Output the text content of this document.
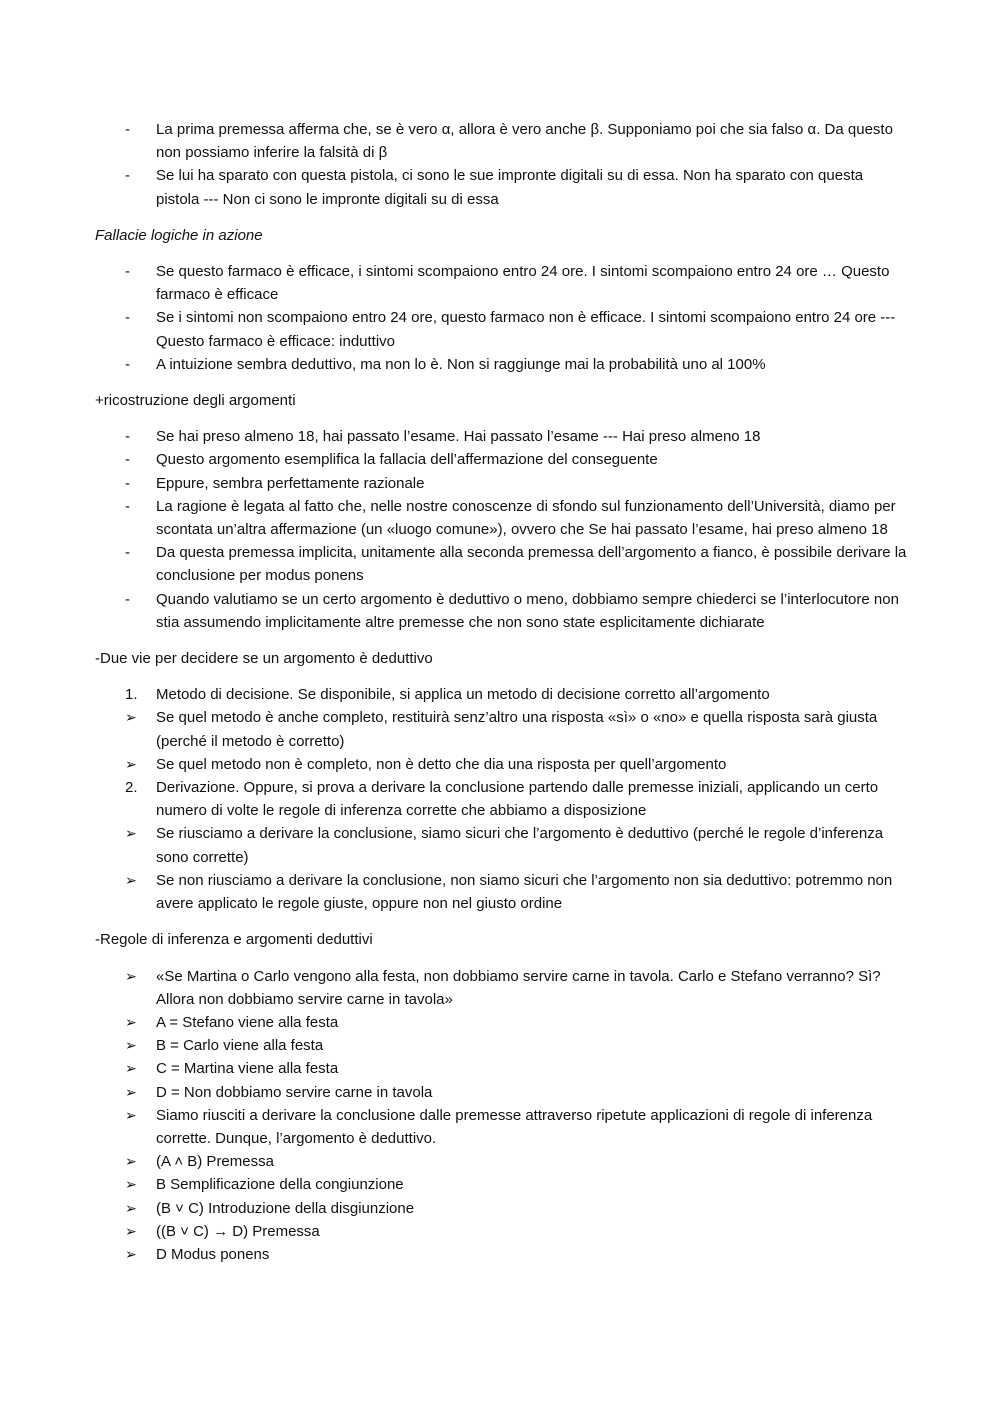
-	La prima premessa afferma che, se è vero α, allora è vero anche β. Supponiamo poi che sia falso α. Da questo non possiamo inferire la falsità di β
-	Se lui ha sparato con questa pistola, ci sono le sue impronte digitali su di essa. Non ha sparato con questa pistola --- Non ci sono le impronte digitali su di essa

Fallacie logiche in azione

-	Se questo farmaco è efficace, i sintomi scompaiono entro 24 ore. I sintomi scompaiono entro 24 ore … Questo farmaco è efficace
-	Se i sintomi non scompaiono entro 24 ore, questo farmaco non è efficace. I sintomi scompaiono entro 24 ore --- Questo farmaco è efficace: induttivo
-	A intuizione sembra deduttivo, ma non lo è. Non si raggiunge mai la probabilità uno al 100%

+ricostruzione degli argomenti

-	Se hai preso almeno 18, hai passato l’esame. Hai passato l’esame --- Hai preso almeno 18
-	Questo argomento esemplifica la fallacia dell’affermazione del conseguente
-	Eppure, sembra perfettamente razionale
-	La ragione è legata al fatto che, nelle nostre conoscenze di sfondo sul funzionamento dell’Università, diamo per scontata un’altra affermazione (un «luogo comune»), ovvero che Se hai passato l’esame, hai preso almeno 18
-	Da questa premessa implicita, unitamente alla seconda premessa dell’argomento a fianco, è possibile derivare la conclusione per modus ponens
-	Quando valutiamo se un certo argomento è deduttivo o meno, dobbiamo sempre chiederci se l’interlocutore non stia assumendo implicitamente altre premesse che non sono state esplicitamente dichiarate

-Due vie per decidere se un argomento è deduttivo

1.	Metodo di decisione. Se disponibile, si applica un metodo di decisione corretto all’argomento
➢	Se quel metodo è anche completo, restituirà senz’altro una risposta «sì» o «no» e quella risposta sarà giusta (perché il metodo è corretto)
➢	Se quel metodo non è completo, non è detto che dia una risposta per quell’argomento
2.	Derivazione. Oppure, si prova a derivare la conclusione partendo dalle premesse iniziali, applicando un certo numero di volte le regole di inferenza corrette che abbiamo a disposizione
➢	Se riusciamo a derivare la conclusione, siamo sicuri che l’argomento è deduttivo (perché le regole d’inferenza sono corrette)
➢	Se non riusciamo a derivare la conclusione, non siamo sicuri che l’argomento non sia deduttivo: potremmo non avere applicato le regole giuste, oppure non nel giusto ordine

-Regole di inferenza e argomenti deduttivi

➢	«Se Martina o Carlo vengono alla festa, non dobbiamo servire carne in tavola. Carlo e Stefano verranno? Sì? Allora non dobbiamo servire carne in tavola»
➢	A = Stefano viene alla festa
➢	B = Carlo viene alla festa
➢	C = Martina viene alla festa
➢	D = Non dobbiamo servire carne in tavola
➢	Siamo riusciti a derivare la conclusione dalle premesse attraverso ripetute applicazioni di regole di inferenza corrette. Dunque, l’argomento è deduttivo.
➢	(A ˄ B) Premessa
➢	B Semplificazione della congiunzione
➢	(B ˅ C) Introduzione della disgiunzione
➢	((B ˅ C) → D) Premessa
➢	D Modus ponens
